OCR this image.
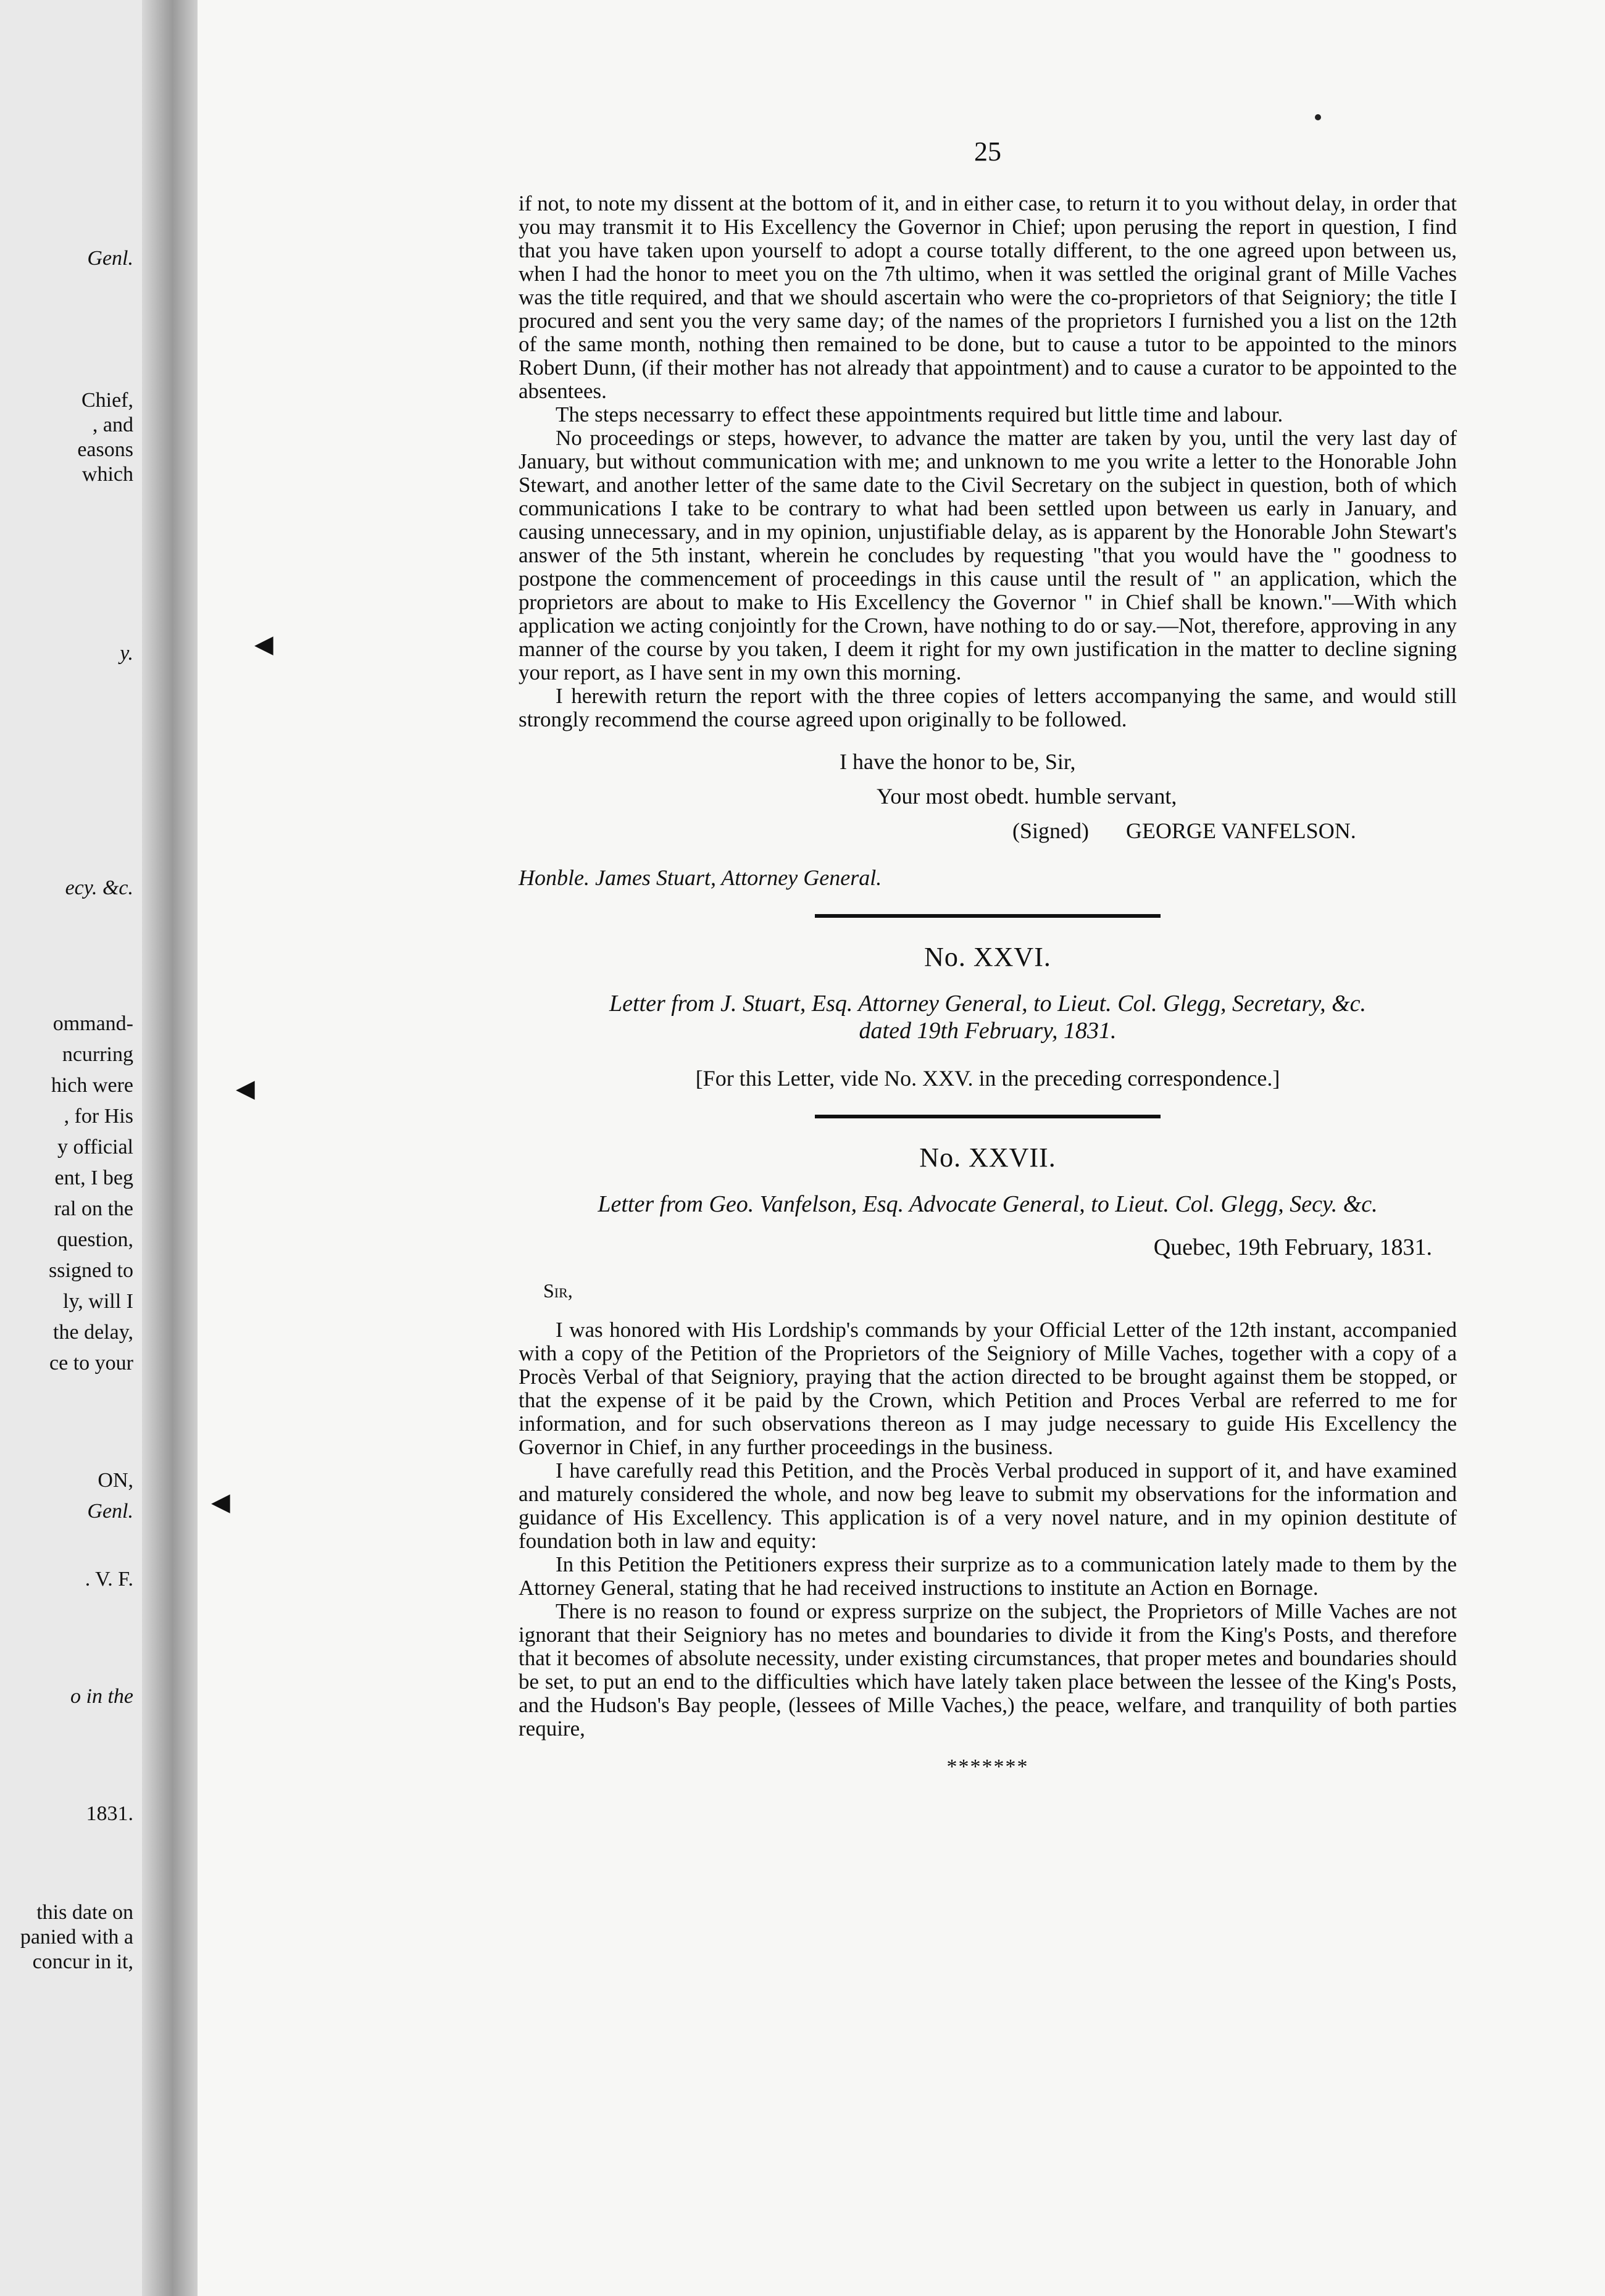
Genl.
Chief,
, and
easons
which
y.
ecy. &c.
ommand-
ncurring
hich were
, for His
y official
ent, I beg
ral on the
question,
ssigned to
ly, will I
the delay,
ce to your
ON,
Genl.
. V. F.
o in the
1831.
this date on
panied with a
concur in it,
◀
◀
◀
25

if not, to note my dissent at the bottom of it, and in either case, to return it to you without delay, in order that you may transmit it to His Excellency the Governor in Chief; upon perusing the report in question, I find that you have taken upon yourself to adopt a course totally different, to the one agreed upon between us, when I had the honor to meet you on the 7th ultimo, when it was settled the original grant of Mille Vaches was the title required, and that we should ascertain who were the co-proprietors of that Seigniory; the title I procured and sent you the very same day; of the names of the proprietors I furnished you a list on the 12th of the same month, nothing then remained to be done, but to cause a tutor to be appointed to the minors Robert Dunn, (if their mother has not already that appointment) and to cause a curator to be appointed to the absentees.

The steps necessarry to effect these appointments required but little time and labour.

No proceedings or steps, however, to advance the matter are taken by you, until the very last day of January, but without communication with me; and unknown to me you write a letter to the Honorable John Stewart, and another letter of the same date to the Civil Secretary on the subject in question, both of which communications I take to be contrary to what had been settled upon between us early in January, and causing unnecessary, and in my opinion, unjustifiable delay, as is apparent by the Honorable John Stewart's answer of the 5th instant, wherein he concludes by requesting "that you would have the " goodness to postpone the commencement of proceedings in this cause until the result of " an application, which the proprietors are about to make to His Excellency the Governor " in Chief shall be known."—With which application we acting conjointly for the Crown, have nothing to do or say.—Not, therefore, approving in any manner of the course by you taken, I deem it right for my own justification in the matter to decline signing your report, as I have sent in my own this morning.

I herewith return the report with the three copies of letters accompanying the same, and would still strongly recommend the course agreed upon originally to be followed.

I have the honor to be, Sir,
Your most obedt. humble servant,
(Signed) GEORGE VANFELSON.
Honble. James Stuart, Attorney General.
No. XXVI.
Letter from J. Stuart, Esq. Attorney General, to Lieut. Col. Glegg, Secretary, &c.
dated 19th February, 1831.
[For this Letter, vide No. XXV. in the preceding correspondence.]
No. XXVII.
Letter from Geo. Vanfelson, Esq. Advocate General, to Lieut. Col. Glegg, Secy. &c.
Quebec, 19th February, 1831.
Sir,

I was honored with His Lordship's commands by your Official Letter of the 12th instant, accompanied with a copy of the Petition of the Proprietors of the Seigniory of Mille Vaches, together with a copy of a Procès Verbal of that Seigniory, praying that the action directed to be brought against them be stopped, or that the expense of it be paid by the Crown, which Petition and Proces Verbal are referred to me for information, and for such observations thereon as I may judge necessary to guide His Excellency the Governor in Chief, in any further proceedings in the business.

I have carefully read this Petition, and the Procès Verbal produced in support of it, and have examined and maturely considered the whole, and now beg leave to submit my observations for the information and guidance of His Excellency. This application is of a very novel nature, and in my opinion destitute of foundation both in law and equity:

In this Petition the Petitioners express their surprize as to a communication lately made to them by the Attorney General, stating that he had received instructions to institute an Action en Bornage.

There is no reason to found or express surprize on the subject, the Proprietors of Mille Vaches are not ignorant that their Seigniory has no metes and boundaries to divide it from the King's Posts, and therefore that it becomes of absolute necessity, under existing circumstances, that proper metes and boundaries should be set, to put an end to the difficulties which have lately taken place between the lessee of the King's Posts, and the Hudson's Bay people, (lessees of Mille Vaches,) the peace, welfare, and tranquility of both parties require,

*******
